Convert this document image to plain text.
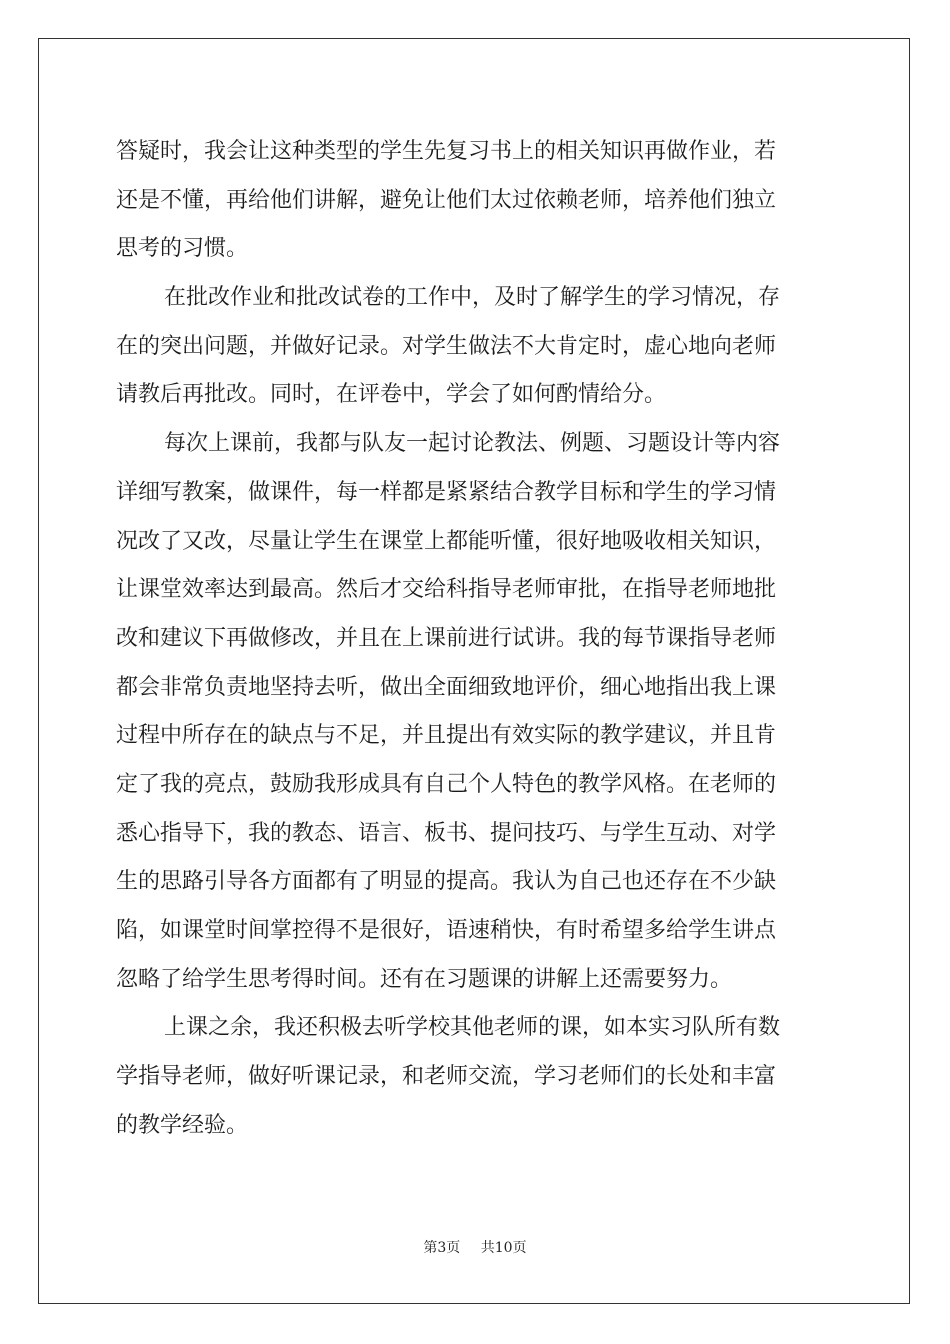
答疑时，我会让这种类型的学生先复习书上的相关知识再做作业，若
还是不懂，再给他们讲解，避免让他们太过依赖老师，培养他们独立
思考的习惯。
在批改作业和批改试卷的工作中，及时了解学生的学习情况，存
在的突出问题，并做好记录。对学生做法不大肯定时，虚心地向老师
请教后再批改。同时，在评卷中，学会了如何酌情给分。
每次上课前，我都与队友一起讨论教法、例题、习题设计等内容
详细写教案，做课件，每一样都是紧紧结合教学目标和学生的学习情
况改了又改，尽量让学生在课堂上都能听懂，很好地吸收相关知识，
让课堂效率达到最高。然后才交给科指导老师审批，在指导老师地批
改和建议下再做修改，并且在上课前进行试讲。我的每节课指导老师
都会非常负责地坚持去听，做出全面细致地评价，细心地指出我上课
过程中所存在的缺点与不足，并且提出有效实际的教学建议，并且肯
定了我的亮点，鼓励我形成具有自己个人特色的教学风格。在老师的
悉心指导下，我的教态、语言、板书、提问技巧、与学生互动、对学
生的思路引导各方面都有了明显的提高。我认为自己也还存在不少缺
陷，如课堂时间掌控得不是很好，语速稍快，有时希望多给学生讲点
忽略了给学生思考得时间。还有在习题课的讲解上还需要努力。
上课之余，我还积极去听学校其他老师的课，如本实习队所有数
学指导老师，做好听课记录，和老师交流，学习老师们的长处和丰富
的教学经验。
第3页 共10页
